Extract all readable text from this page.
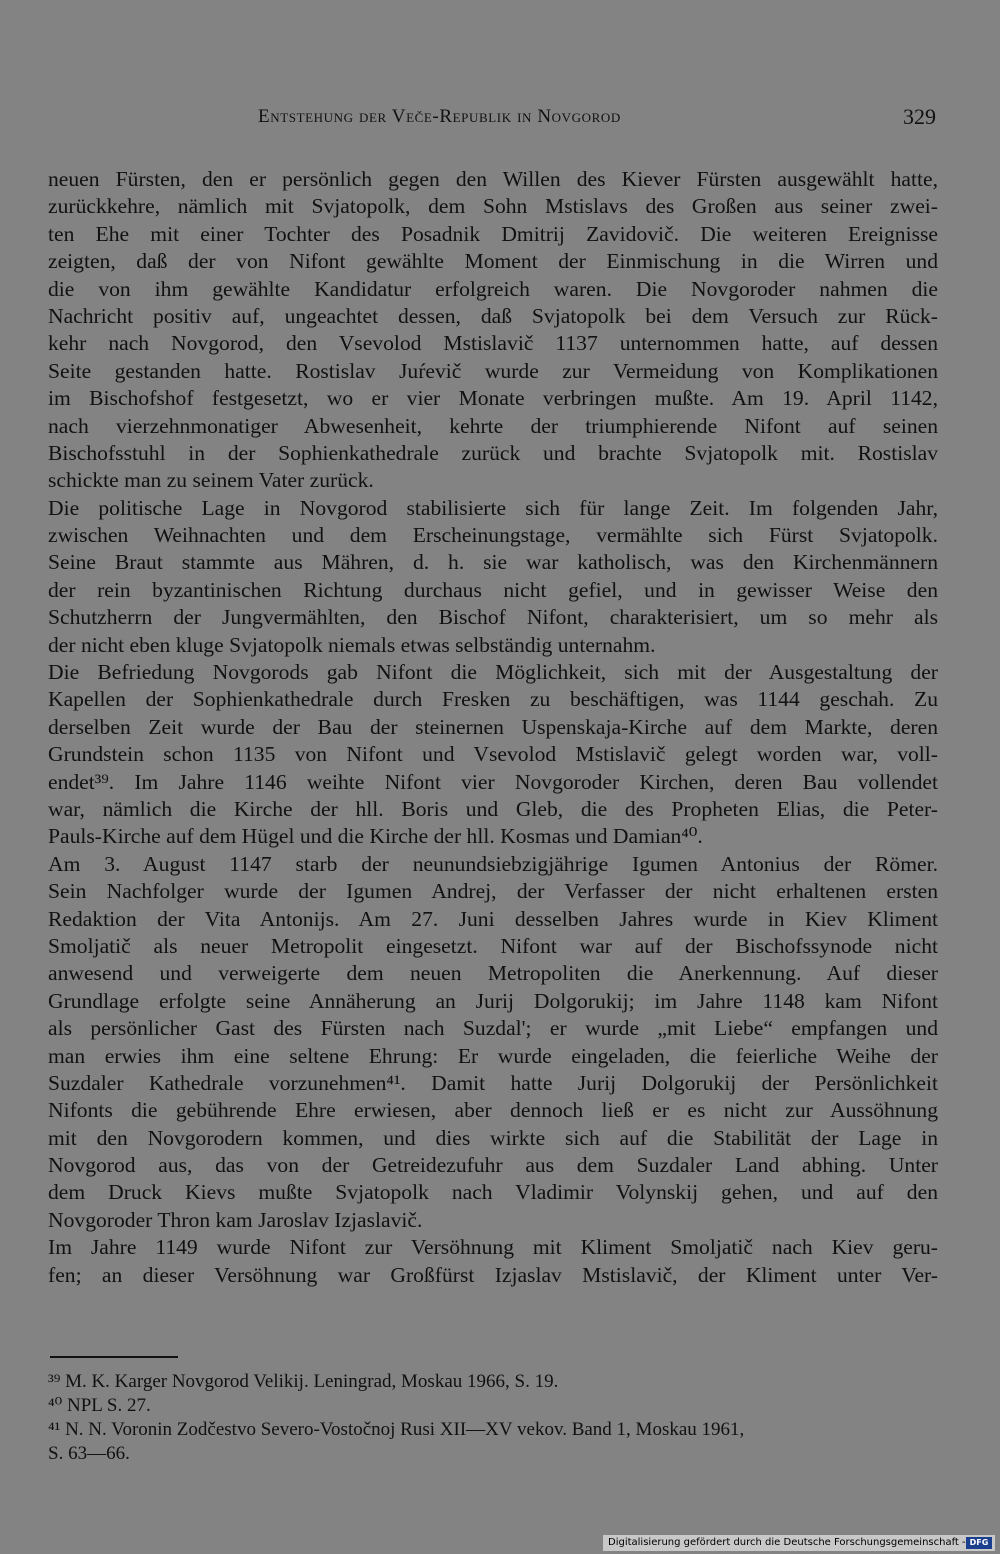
Entstehung der Veče-Republik in Novgorod	329
neuen Fürsten, den er persönlich gegen den Willen des Kiever Fürsten ausgewählt hatte,
zurückkehre, nämlich mit Svjatopolk, dem Sohn Mstislavs des Großen aus seiner zwei-
ten Ehe mit einer Tochter des Posadnik Dmitrij Zavidovič. Die weiteren Ereignisse
zeigten, daß der von Nifont gewählte Moment der Einmischung in die Wirren und
die von ihm gewählte Kandidatur erfolgreich waren. Die Novgoroder nahmen die
Nachricht positiv auf, ungeachtet dessen, daß Svjatopolk bei dem Versuch zur Rück-
kehr nach Novgorod, den Vsevolod Mstislavič 1137 unternommen hatte, auf dessen
Seite gestanden hatte. Rostislav Juŕevič wurde zur Vermeidung von Komplikationen
im Bischofshof festgesetzt, wo er vier Monate verbringen mußte. Am 19. April 1142,
nach vierzehnmonatiger Abwesenheit, kehrte der triumphierende Nifont auf seinen
Bischofsstuhl in der Sophienkathedrale zurück und brachte Svjatopolk mit. Rostislav
schickte man zu seinem Vater zurück.
Die politische Lage in Novgorod stabilisierte sich für lange Zeit. Im folgenden Jahr,
zwischen Weihnachten und dem Erscheinungstage, vermählte sich Fürst Svjatopolk.
Seine Braut stammte aus Mähren, d. h. sie war katholisch, was den Kirchenmännern
der rein byzantinischen Richtung durchaus nicht gefiel, und in gewisser Weise den
Schutzherrn der Jungvermählten, den Bischof Nifont, charakterisiert, um so mehr als
der nicht eben kluge Svjatopolk niemals etwas selbständig unternahm.
Die Befriedung Novgorods gab Nifont die Möglichkeit, sich mit der Ausgestaltung der
Kapellen der Sophienkathedrale durch Fresken zu beschäftigen, was 1144 geschah. Zu
derselben Zeit wurde der Bau der steinernen Uspenskaja-Kirche auf dem Markte, deren
Grundstein schon 1135 von Nifont und Vsevolod Mstislavič gelegt worden war, voll-
endet³⁹. Im Jahre 1146 weihte Nifont vier Novgoroder Kirchen, deren Bau vollendet
war, nämlich die Kirche der hll. Boris und Gleb, die des Propheten Elias, die Peter-
Pauls-Kirche auf dem Hügel und die Kirche der hll. Kosmas und Damian⁴⁰.
Am 3. August 1147 starb der neunundsiebzigjährige Igumen Antonius der Römer.
Sein Nachfolger wurde der Igumen Andrej, der Verfasser der nicht erhaltenen ersten
Redaktion der Vita Antonijs. Am 27. Juni desselben Jahres wurde in Kiev Kliment
Smoljatič als neuer Metropolit eingesetzt. Nifont war auf der Bischofssynode nicht
anwesend und verweigerte dem neuen Metropoliten die Anerkennung. Auf dieser
Grundlage erfolgte seine Annäherung an Jurij Dolgorukij; im Jahre 1148 kam Nifont
als persönlicher Gast des Fürsten nach Suzdal'; er wurde „mit Liebe“ empfangen und
man erwies ihm eine seltene Ehrung: Er wurde eingeladen, die feierliche Weihe der
Suzdaler Kathedrale vorzunehmen⁴¹. Damit hatte Jurij Dolgorukij der Persönlichkeit
Nifonts die gebührende Ehre erwiesen, aber dennoch ließ er es nicht zur Aussöhnung
mit den Novgorodern kommen, und dies wirkte sich auf die Stabilität der Lage in
Novgorod aus, das von der Getreidezufuhr aus dem Suzdaler Land abhing. Unter
dem Druck Kievs mußte Svjatopolk nach Vladimir Volynskij gehen, und auf den
Novgoroder Thron kam Jaroslav Izjaslavič.
Im Jahre 1149 wurde Nifont zur Versöhnung mit Kliment Smoljatič nach Kiev geru-
fen; an dieser Versöhnung war Großfürst Izjaslav Mstislavič, der Kliment unter Ver-
³⁹ M. K. Karger Novgorod Velikij. Leningrad, Moskau 1966, S. 19.
⁴⁰ NPL S. 27.
⁴¹ N. N. Voronin Zodčestvo Severo-Vostočnoj Rusi XII—XV vekov. Band 1, Moskau 1961,
S. 63—66.
Digitalisierung gefördert durch die Deutsche Forschungsgemeinschaft - DFG
